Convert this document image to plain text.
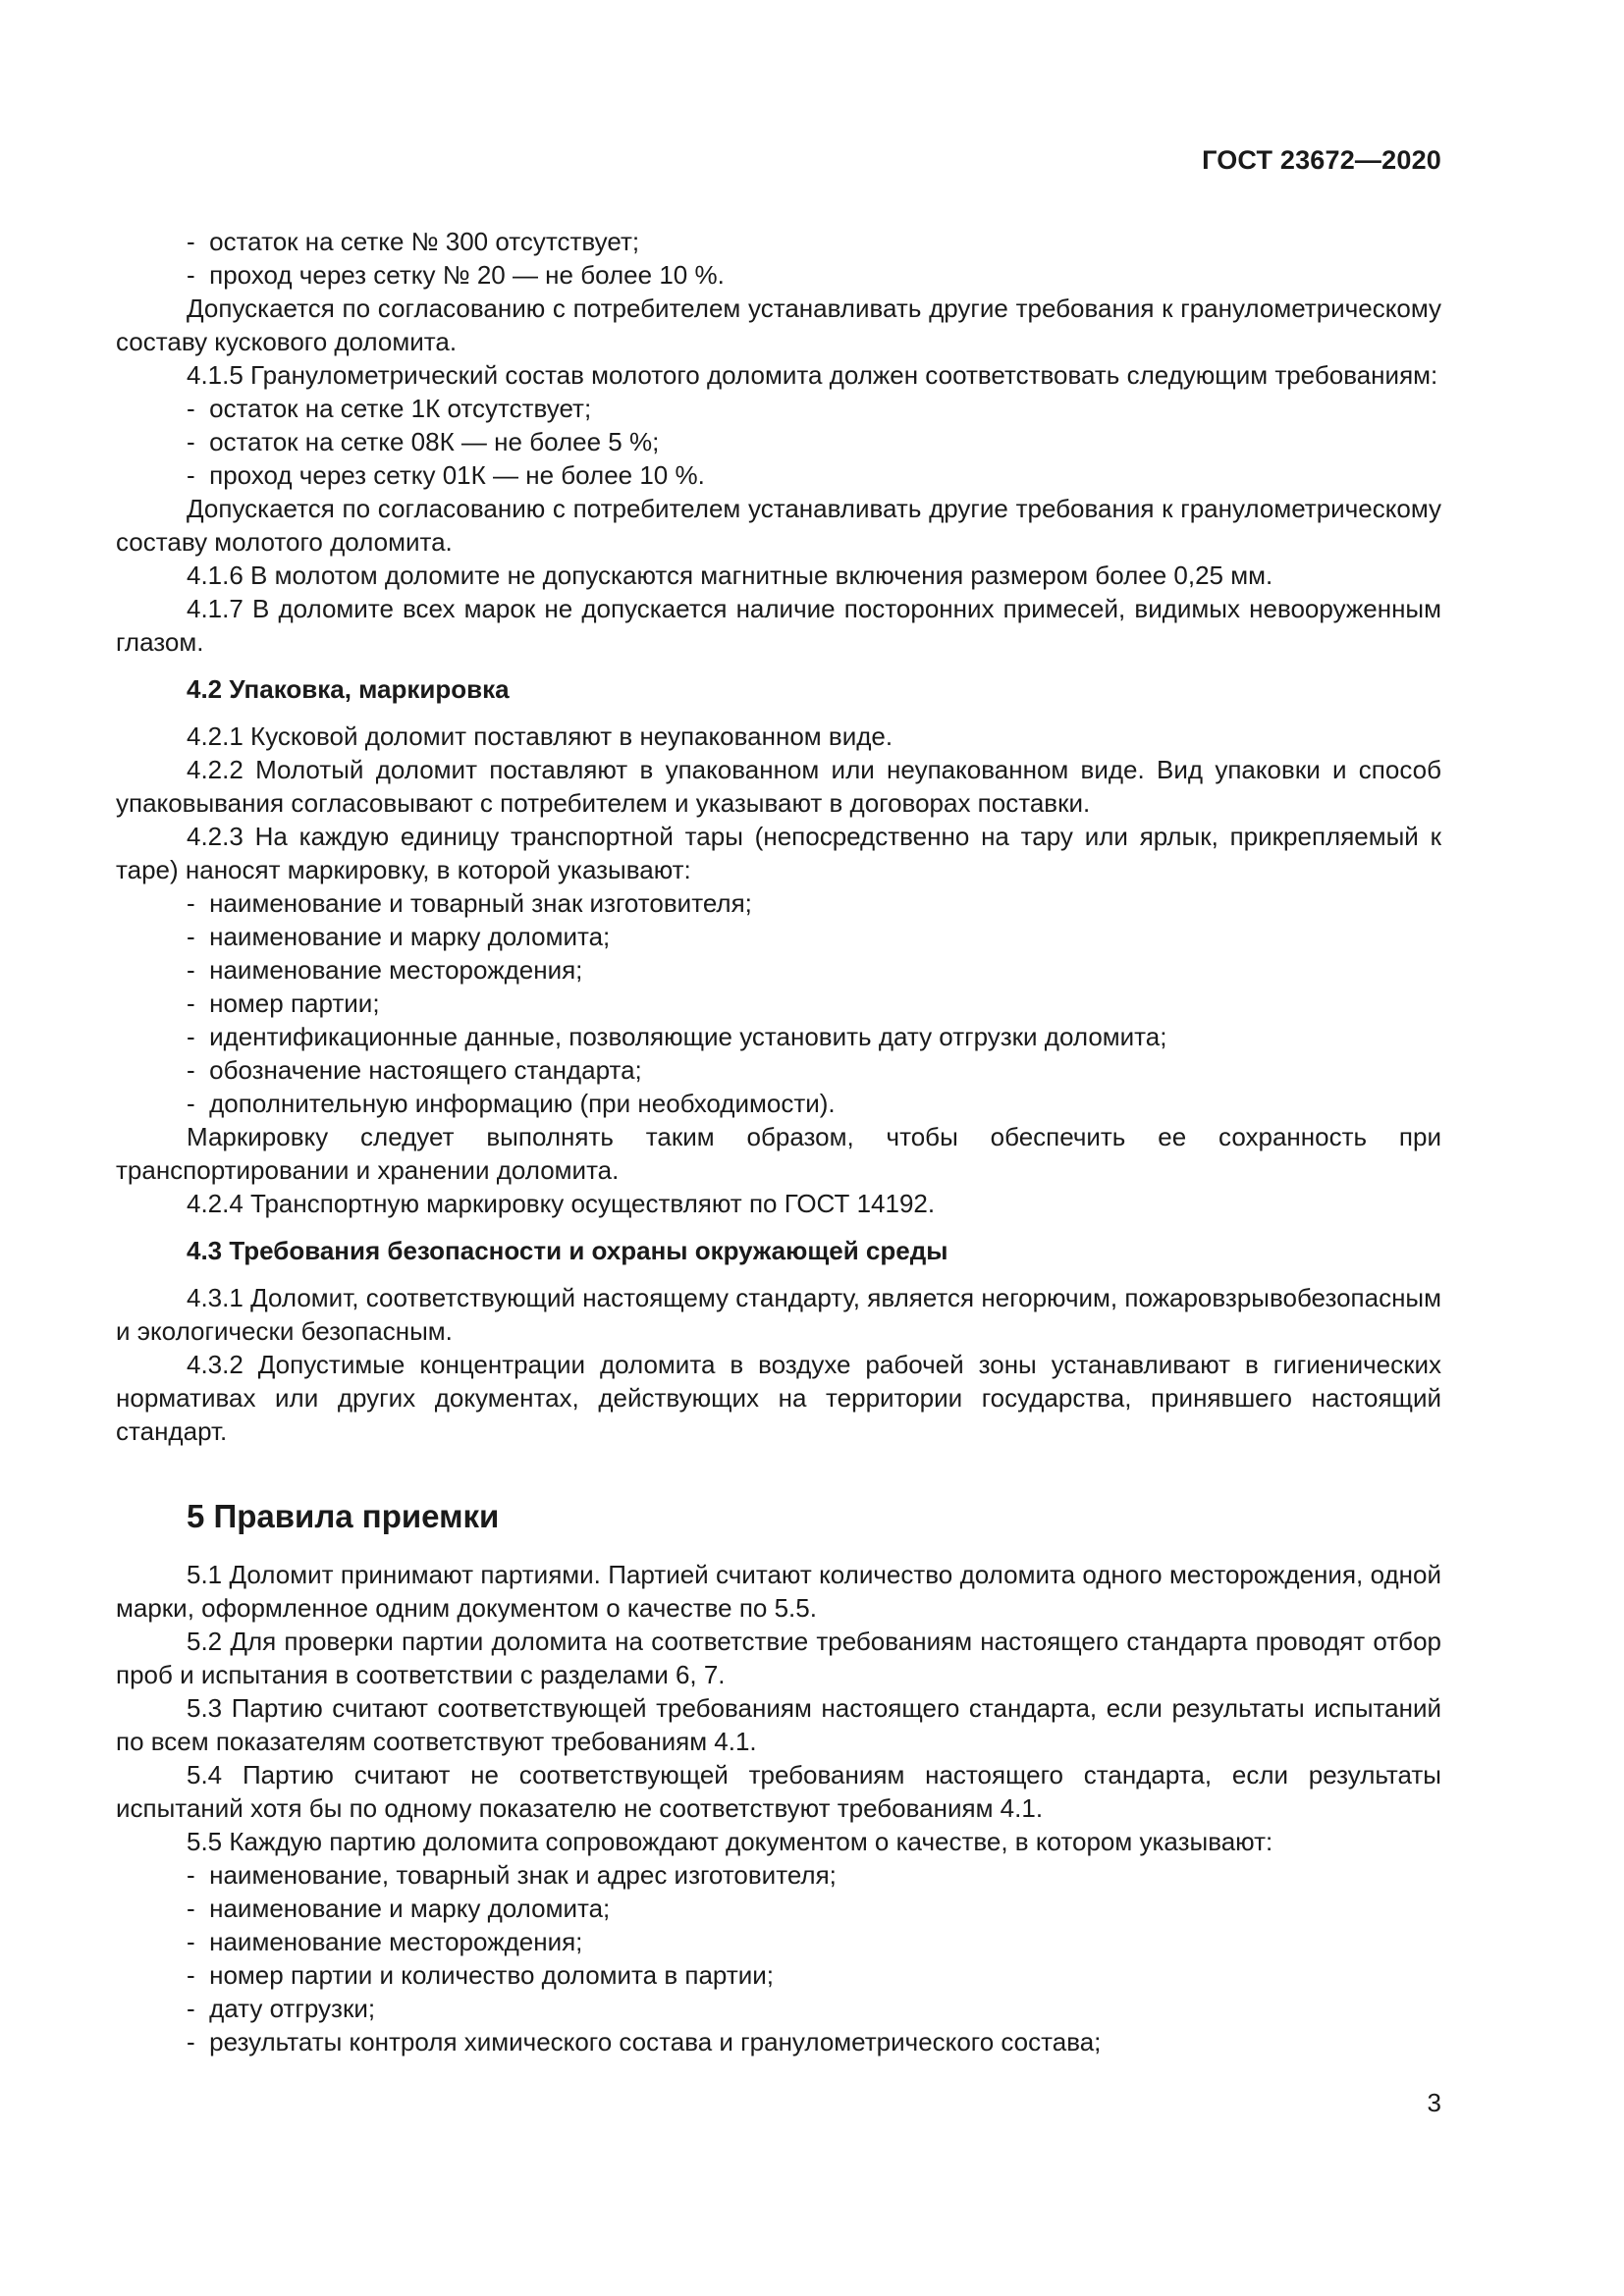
ГОСТ 23672—2020

-  остаток на сетке № 300 отсутствует;

-  проход через сетку № 20 — не более 10 %.

Допускается по согласованию с потребителем устанавливать другие требования к гранулометрическому составу кускового доломита.

4.1.5 Гранулометрический состав молотого доломита должен соответствовать следующим требованиям:

-  остаток на сетке 1К отсутствует;

-  остаток на сетке 08К — не более 5 %;

-  проход через сетку 01К — не более 10 %.

Допускается по согласованию с потребителем устанавливать другие требования к гранулометрическому составу молотого доломита.

4.1.6 В молотом доломите не допускаются магнитные включения размером более 0,25 мм.

4.1.7 В доломите всех марок не допускается наличие посторонних примесей, видимых невооруженным глазом.

4.2 Упаковка, маркировка

4.2.1 Кусковой доломит поставляют в неупакованном виде.

4.2.2 Молотый доломит поставляют в упакованном или неупакованном виде. Вид упаковки и способ упаковывания согласовывают с потребителем и указывают в договорах поставки.

4.2.3 На каждую единицу транспортной тары (непосредственно на тару или ярлык, прикрепляемый к таре) наносят маркировку, в которой указывают:

-  наименование и товарный знак изготовителя;

-  наименование и марку доломита;

-  наименование месторождения;

-  номер партии;

-  идентификационные данные, позволяющие установить дату отгрузки доломита;

-  обозначение настоящего стандарта;

-  дополнительную информацию (при необходимости).

Маркировку следует выполнять таким образом, чтобы обеспечить ее сохранность при транспортировании и хранении доломита.

4.2.4 Транспортную маркировку осуществляют по ГОСТ 14192.

4.3 Требования безопасности и охраны окружающей среды

4.3.1 Доломит, соответствующий настоящему стандарту, является негорючим, пожаровзрывобезопасным и экологически безопасным.

4.3.2 Допустимые концентрации доломита в воздухе рабочей зоны устанавливают в гигиенических нормативах или других документах, действующих на территории государства, принявшего настоящий стандарт.

5 Правила приемки

5.1 Доломит принимают партиями. Партией считают количество доломита одного месторождения, одной марки, оформленное одним документом о качестве по 5.5.

5.2 Для проверки партии доломита на соответствие требованиям настоящего стандарта проводят отбор проб и испытания в соответствии с разделами 6, 7.

5.3 Партию считают соответствующей требованиям настоящего стандарта, если результаты испытаний по всем показателям соответствуют требованиям 4.1.

5.4 Партию считают не соответствующей требованиям настоящего стандарта, если результаты испытаний хотя бы по одному показателю не соответствуют требованиям 4.1.

5.5 Каждую партию доломита сопровождают документом о качестве, в котором указывают:

-  наименование, товарный знак и адрес изготовителя;

-  наименование и марку доломита;

-  наименование месторождения;

-  номер партии и количество доломита в партии;

-  дату отгрузки;

-  результаты контроля химического состава и гранулометрического состава;

3
